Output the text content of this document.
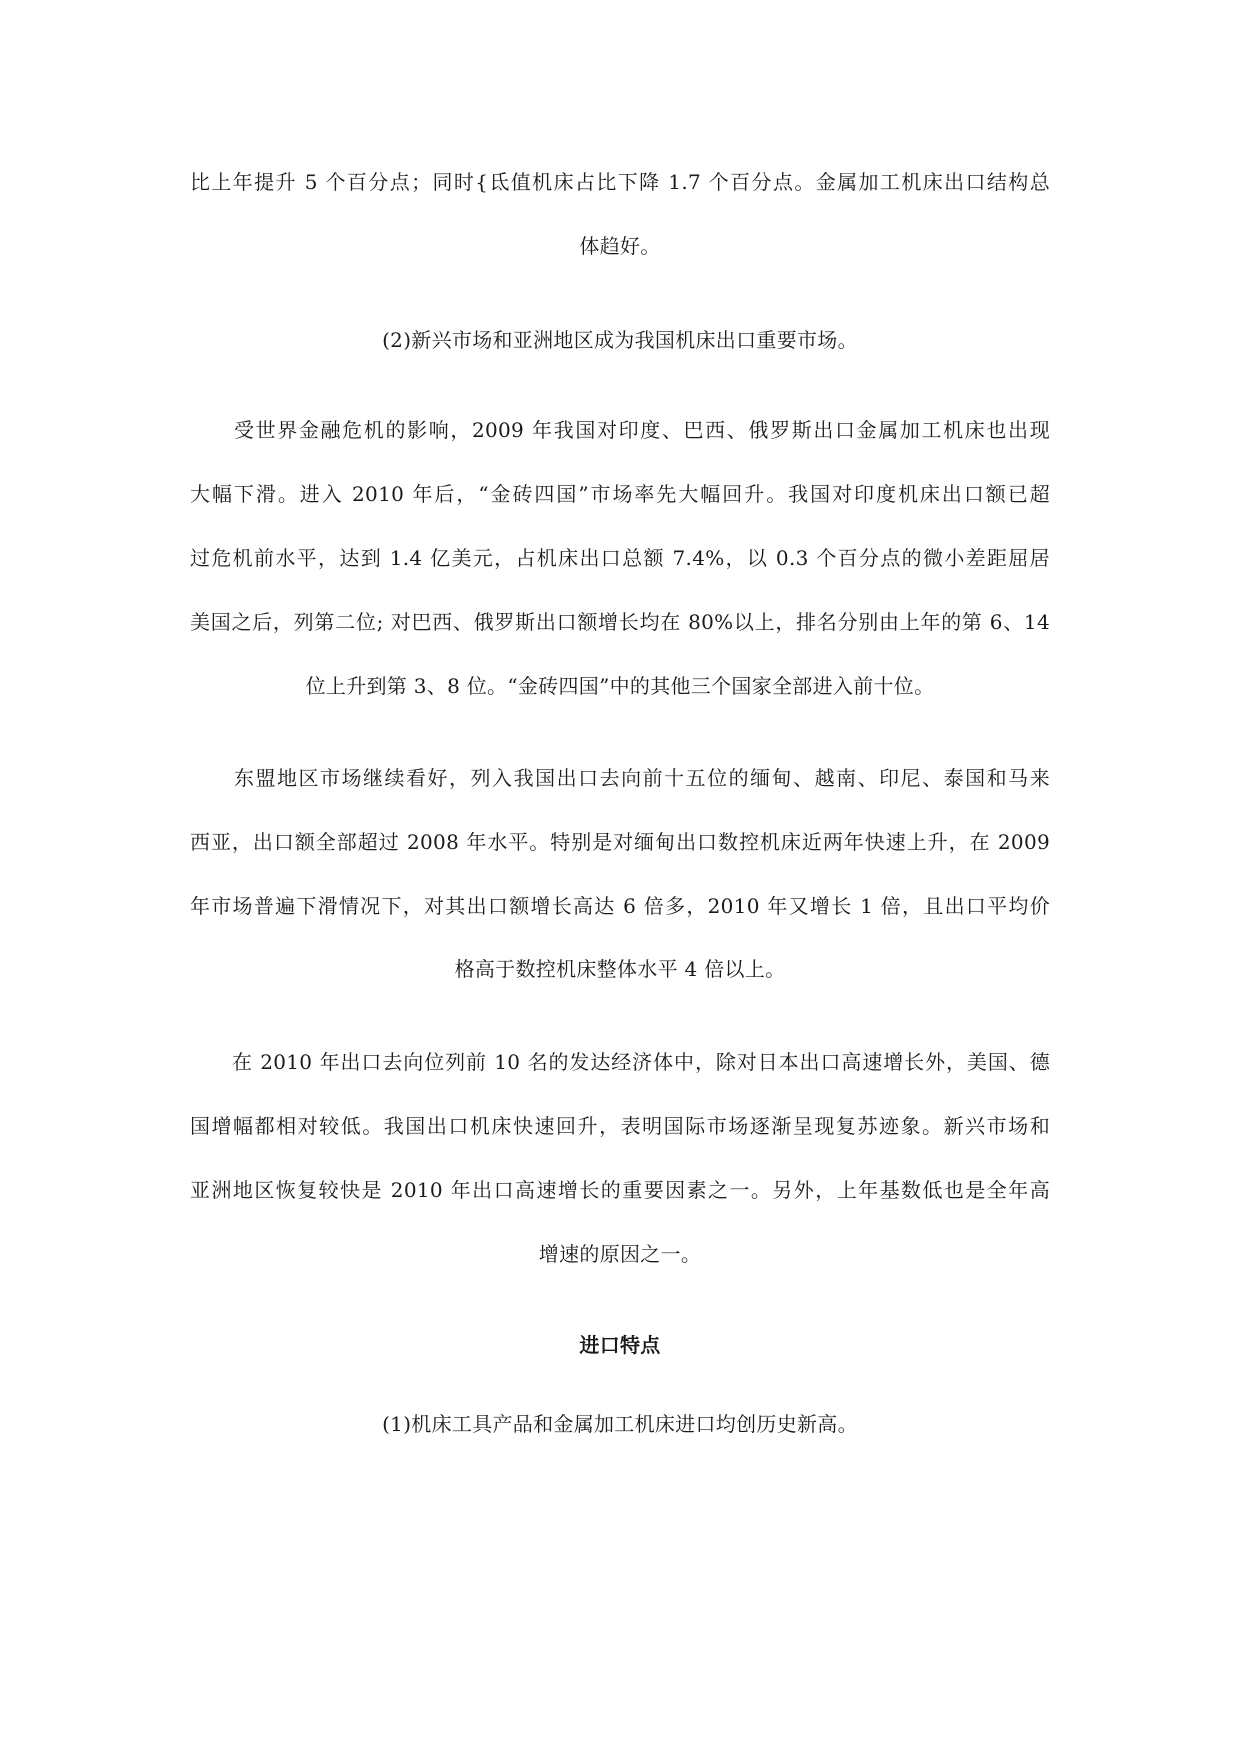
比上年提升 5 个百分点；同时{氐值机床占比下降 1.7 个百分点。金属加工机床出口结构总
体趋好。
(2)新兴市场和亚洲地区成为我国机床出口重要市场。
受世界金融危机的影响，2009 年我国对印度、巴西、俄罗斯出口金属加工机床也出现
大幅下滑。进入 2010 年后，“金砖四国”市场率先大幅回升。我国对印度机床出口额已超
过危机前水平，达到 1.4 亿美元，占机床出口总额 7.4%，以 0.3 个百分点的微小差距屈居
美国之后，列第二位; 对巴西、俄罗斯出口额增长均在 80%以上，排名分别由上年的第 6、14
位上升到第 3、8 位。“金砖四国”中的其他三个国家全部进入前十位。
东盟地区市场继续看好，列入我国出口去向前十五位的缅甸、越南、印尼、泰国和马来
西亚，出口额全部超过 2008 年水平。特别是对缅甸出口数控机床近两年快速上升，在 2009
年市场普遍下滑情况下，对其出口额增长高达 6 倍多，2010 年又增长 1 倍，且出口平均价
格高于数控机床整体水平 4 倍以上。
在 2010 年出口去向位列前 10 名的发达经济体中，除对日本出口高速增长外，美国、德
国增幅都相对较低。我国出口机床快速回升，表明国际市场逐渐呈现复苏迹象。新兴市场和
亚洲地区恢复较快是 2010 年出口高速增长的重要因素之一。另外，上年基数低也是全年高
增速的原因之一。
进口特点
(1)机床工具产品和金属加工机床进口均创历史新高。
